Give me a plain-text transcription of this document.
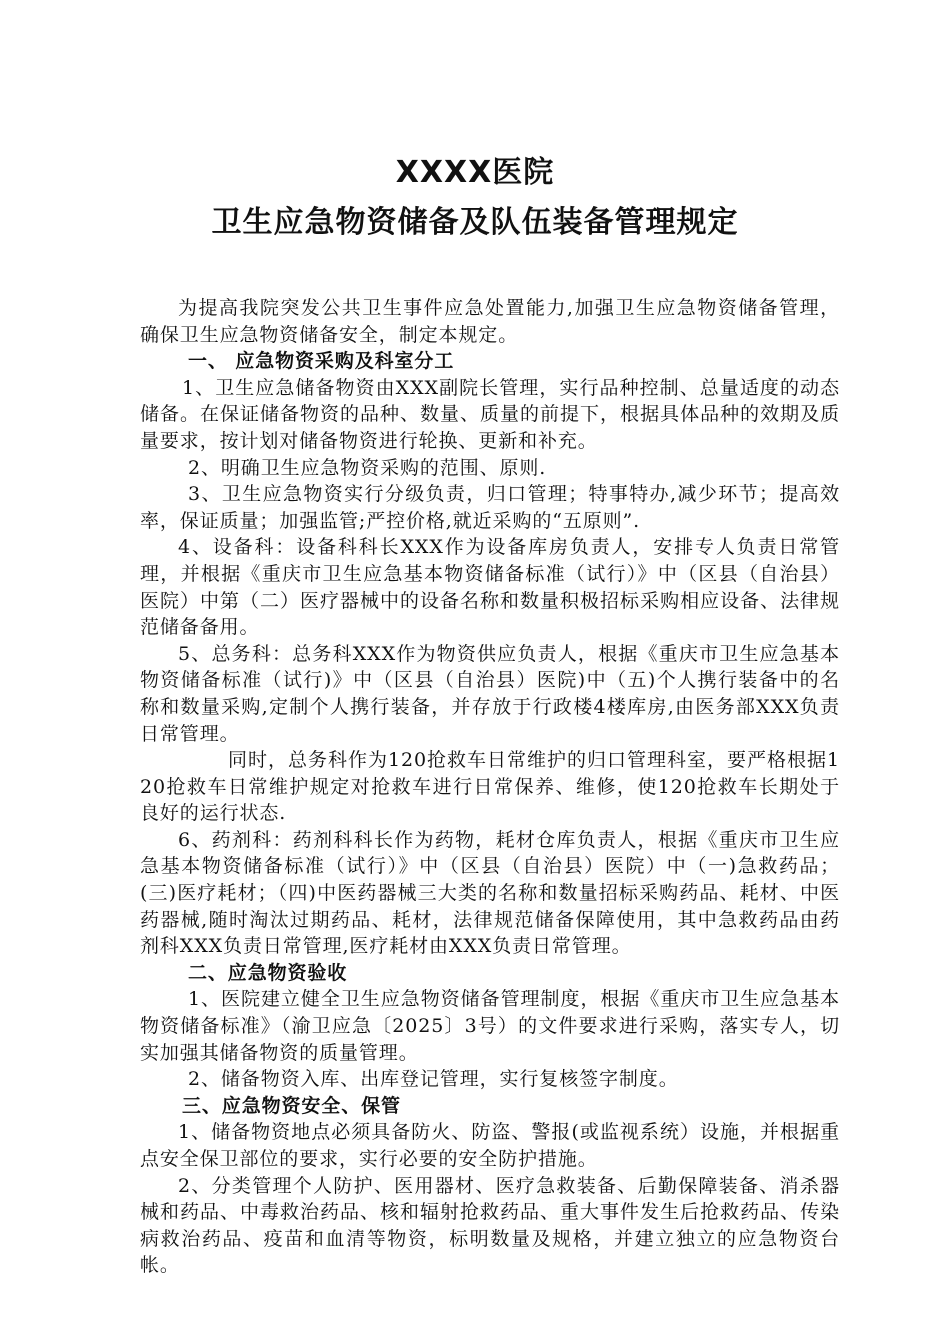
XXXX医院
卫生应急物资储备及队伍装备管理规定

为提高我院突发公共卫生事件应急处置能力,加强卫生应急物资储备管理，确保卫生应急物资储备安全，制定本规定。

一、 应急物资采购及科室分工

1、卫生应急储备物资由XXX副院长管理，实行品种控制、总量适度的动态储备。在保证储备物资的品种、数量、质量的前提下，根据具体品种的效期及质量要求，按计划对储备物资进行轮换、更新和补充。

2、明确卫生应急物资采购的范围、原则.

3、卫生应急物资实行分级负责，归口管理；特事特办,减少环节；提高效率，保证质量；加强监管;严控价格,就近采购的“五原则”.

4、设备科：设备科科长XXX作为设备库房负责人，安排专人负责日常管理，并根据《重庆市卫生应急基本物资储备标准（试行）》中（区县（自治县）医院）中第（二）医疗器械中的设备名称和数量积极招标采购相应设备、法律规范储备备用。

5、总务科：总务科XXX作为物资供应负责人，根据《重庆市卫生应急基本物资储备标准（试行)》中（区县（自治县）医院)中（五)个人携行装备中的名称和数量采购,定制个人携行装备，并存放于行政楼4楼库房,由医务部XXX负责日常管理。

同时，总务科作为120抢救车日常维护的归口管理科室，要严格根据120抢救车日常维护规定对抢救车进行日常保养、维修，使120抢救车长期处于良好的运行状态.

6、药剂科：药剂科科长作为药物，耗材仓库负责人，根据《重庆市卫生应急基本物资储备标准（试行）》中（区县（自治县）医院）中（一)急救药品；(三)医疗耗材；（四)中医药器械三大类的名称和数量招标采购药品、耗材、中医药器械,随时淘汰过期药品、耗材，法律规范储备保障使用，其中急救药品由药剂科XXX负责日常管理,医疗耗材由XXX负责日常管理。

二、应急物资验收

1、医院建立健全卫生应急物资储备管理制度，根据《重庆市卫生应急基本物资储备标准》（渝卫应急〔2025〕3号）的文件要求进行采购，落实专人，切实加强其储备物资的质量管理。

2、储备物资入库、出库登记管理，实行复核签字制度。

三、应急物资安全、保管

1、储备物资地点必须具备防火、防盗、警报(或监视系统）设施，并根据重点安全保卫部位的要求，实行必要的安全防护措施。

2、分类管理个人防护、医用器材、医疗急救装备、后勤保障装备、消杀器械和药品、中毒救治药品、核和辐射抢救药品、重大事件发生后抢救药品、传染病救治药品、疫苗和血清等物资，标明数量及规格，并建立独立的应急物资台帐。
